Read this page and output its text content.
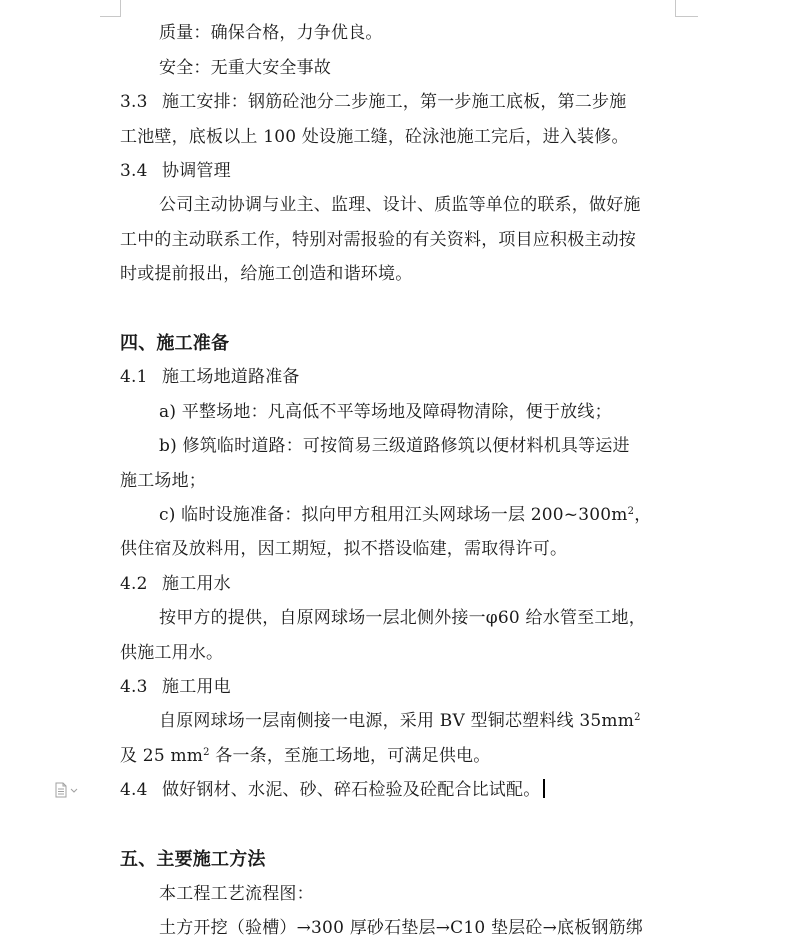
质量：确保合格，力争优良。
安全：无重大安全事故
3.3 施工安排：钢筋砼池分二步施工，第一步施工底板，第二步施
工池壁，底板以上 100 处设施工缝，砼泳池施工完后，进入装修。
3.4 协调管理
公司主动协调与业主、监理、设计、质监等单位的联系，做好施
工中的主动联系工作，特别对需报验的有关资料，项目应积极主动按
时或提前报出，给施工创造和谐环境。
四、施工准备
4.1 施工场地道路准备
a) 平整场地：凡高低不平等场地及障碍物清除，便于放线；
b) 修筑临时道路：可按简易三级道路修筑以便材料机具等运进
施工场地；
c) 临时设施准备：拟向甲方租用江头网球场一层 $200\sim 300m^2$，
供住宿及放料用，因工期短，拟不搭设临建，需取得许可。
4.2 施工用水
按甲方的提供，自原网球场一层北侧外接一φ60 给水管至工地，
供施工用水。
4.3 施工用电
自原网球场一层南侧接一电源，采用 BV 型铜芯塑料线 $35mm^2$
及 25 $mm^2$ 各一条，至施工场地，可满足供电。
4.4 做好钢材、水泥、砂、碎石检验及砼配合比试配。
五、主要施工方法
本工程工艺流程图：
土方开挖（验槽）→300 厚砂石垫层→C10 垫层砼→底板钢筋绑
